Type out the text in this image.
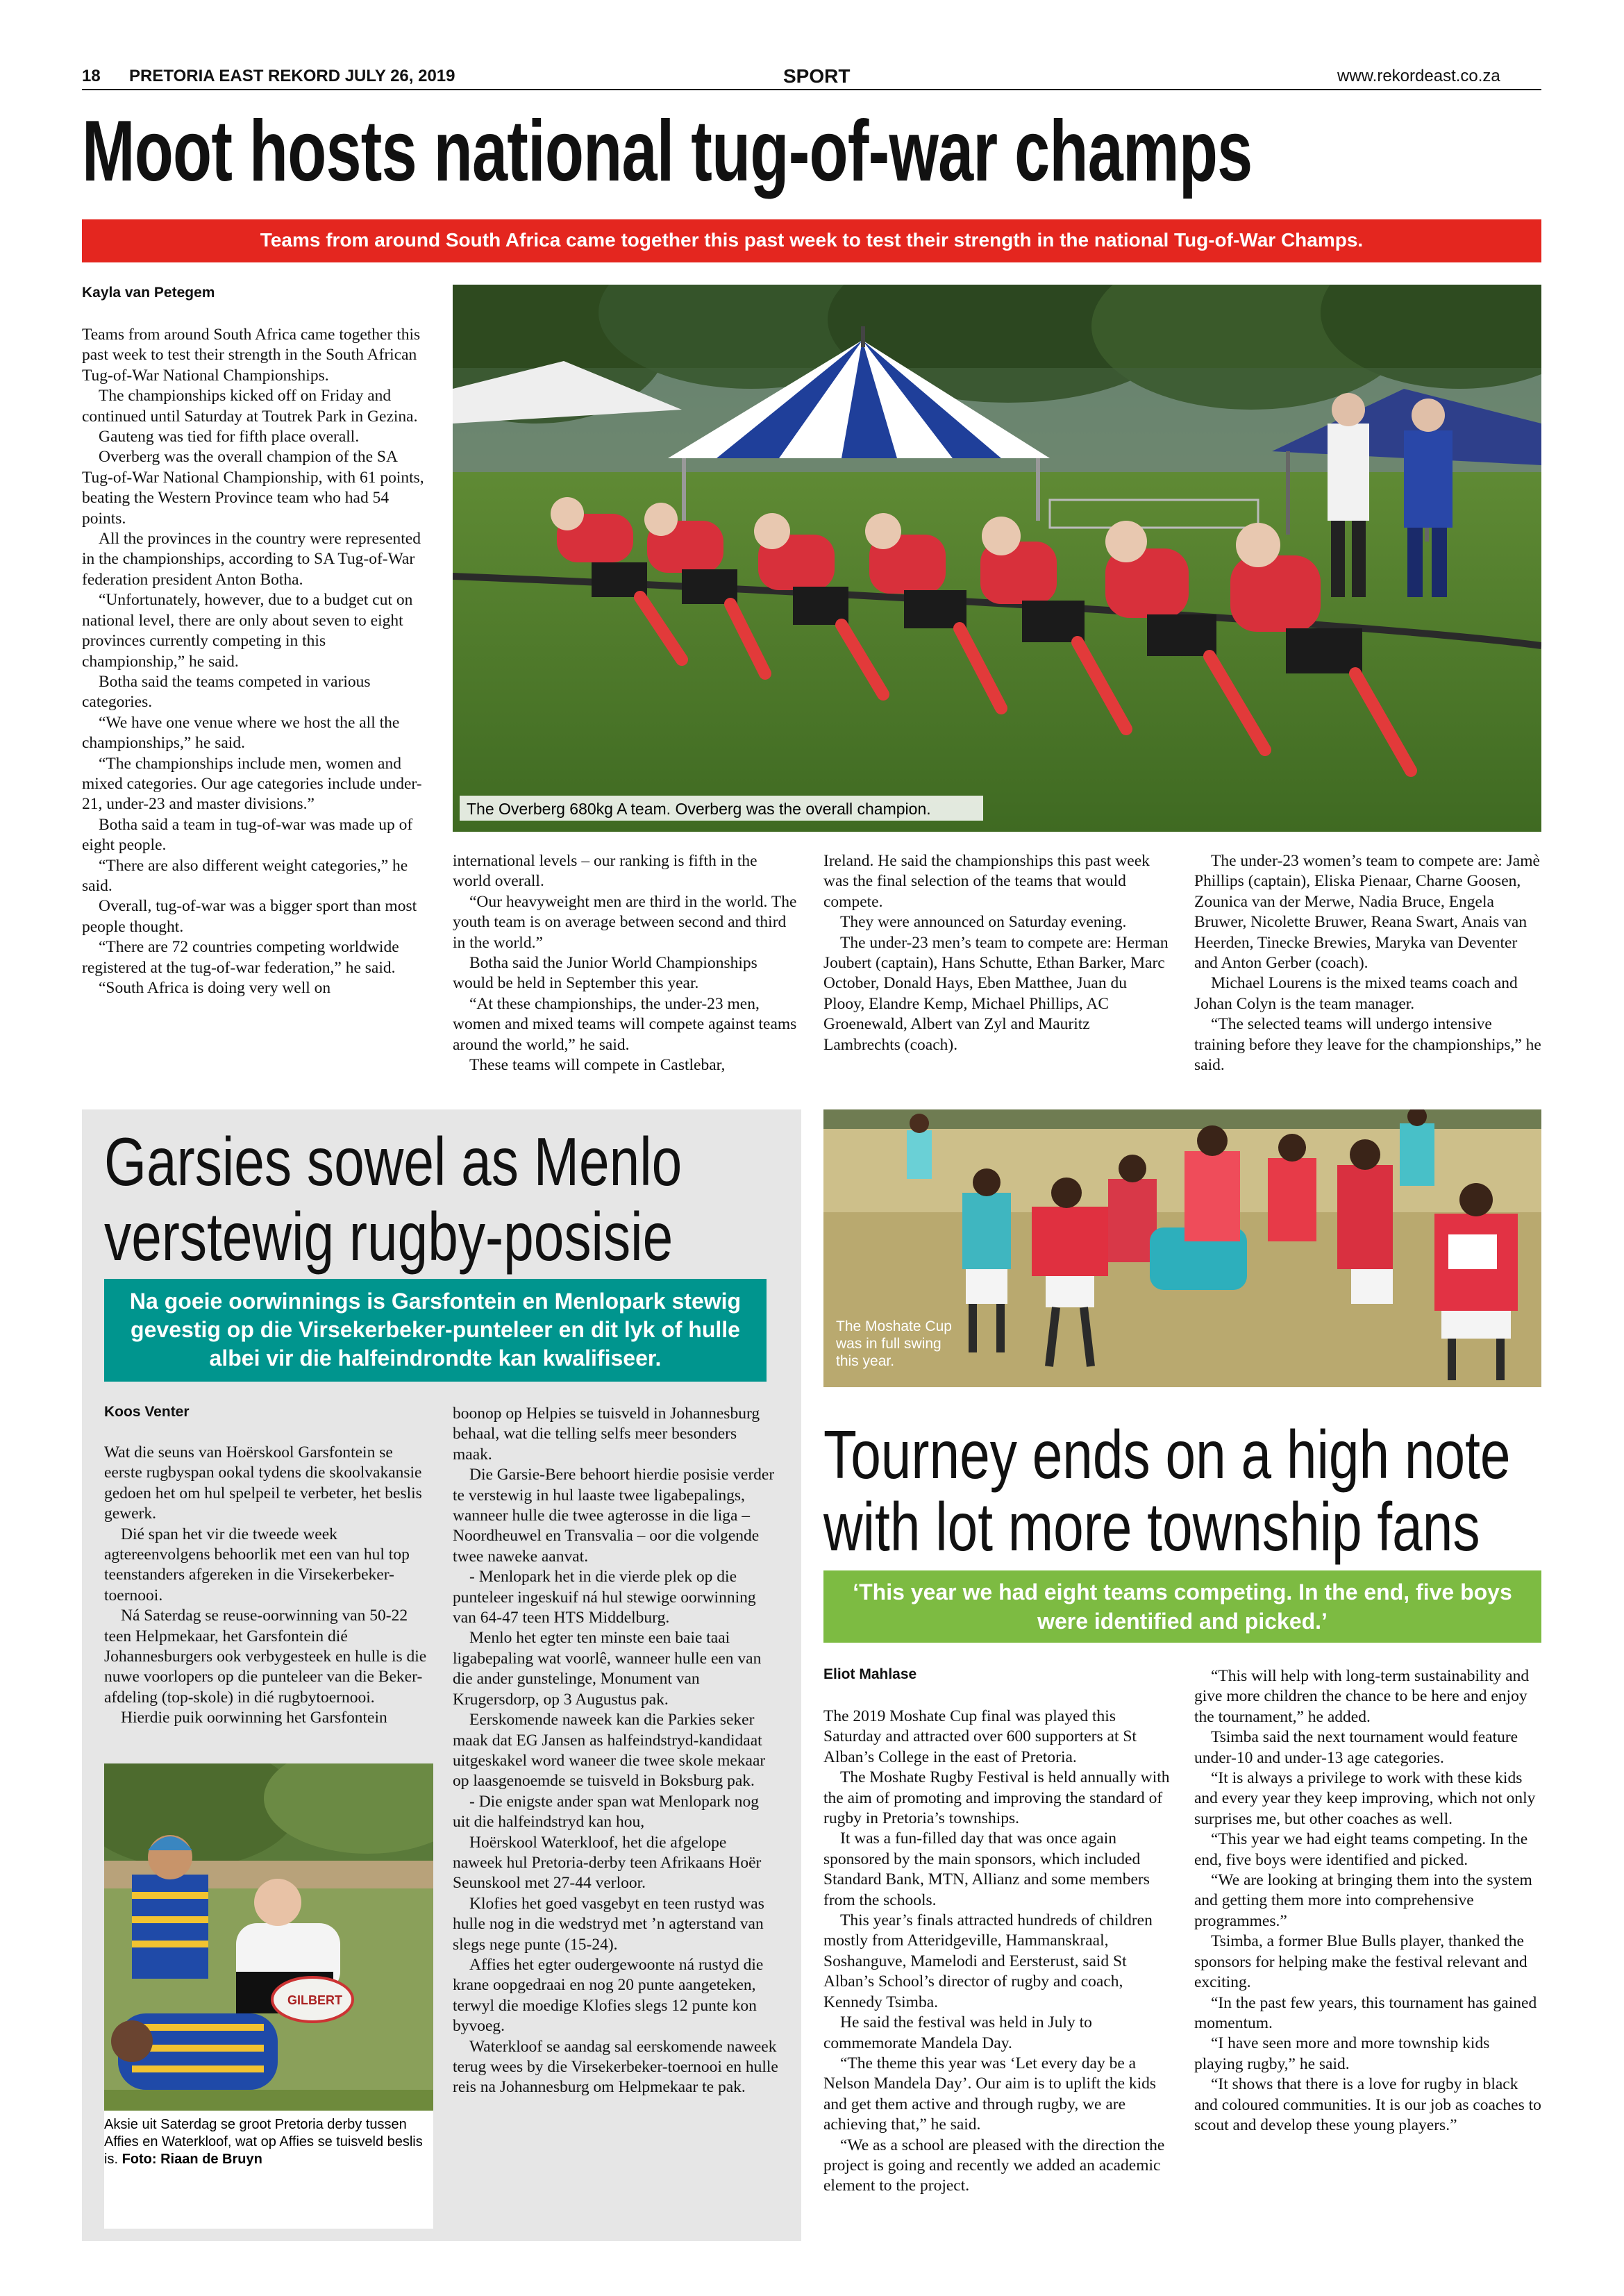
18 PRETORIA EAST REKORD JULY 26, 2019	SPORT	www.rekordeast.co.za
Moot hosts national tug-of-war champs
Teams from around South Africa came together this past week to test their strength in the national Tug-of-War Champs.
Kayla van Petegem

Teams from around South Africa came together this past week to test their strength in the South African Tug-of-War National Championships.

The championships kicked off on Friday and continued until Saturday at Toutrek Park in Gezina.

Gauteng was tied for fifth place overall.

Overberg was the overall champion of the SA Tug-of-War National Championship, with 61 points, beating the Western Province team who had 54 points.

All the provinces in the country were represented in the championships, according to SA Tug-of-War federation president Anton Botha.

“Unfortunately, however, due to a budget cut on national level, there are only about seven to eight provinces currently competing in this championship,” he said.

Botha said the teams competed in various categories.

“We have one venue where we host the all the championships,” he said.

“The championships include men, women and mixed categories. Our age categories include under-21, under-23 and master divisions.”

Botha said a team in tug-of-war was made up of eight people.

“There are also different weight categories,” he said.

Overall, tug-of-war was a bigger sport than most people thought.

“There are 72 countries competing worldwide registered at the tug-of-war federation,” he said.

“South Africa is doing very well on

The Overberg 680kg A team. Overberg was the overall champion.

international levels – our ranking is fifth in the world overall.

“Our heavyweight men are third in the world. The youth team is on average between second and third in the world.”

Botha said the Junior World Championships would be held in September this year.

“At these championships, the under-23 men, women and mixed teams will compete against teams around the world,” he said.

These teams will compete in Castlebar,

Ireland. He said the championships this past week was the final selection of the teams that would compete.

They were announced on Saturday evening.

The under-23 men’s team to compete are: Herman Joubert (captain), Hans Schutte, Ethan Barker, Marc October, Donald Hays, Eben Matthee, Juan du Plooy, Elandre Kemp, Michael Phillips, AC Groenewald, Albert van Zyl and Mauritz Lambrechts (coach).

The under-23 women’s team to compete are: Jamè Phillips (captain), Eliska Pienaar, Charne Goosen, Zounica van der Merwe, Nadia Bruce, Engela Bruwer, Nicolette Bruwer, Reana Swart, Anais van Heerden, Tinecke Brewies, Maryka van Deventer and Anton Gerber (coach).

Michael Lourens is the mixed teams coach and Johan Colyn is the team manager.

“The selected teams will undergo intensive training before they leave for the championships,” he said.

Garsies sowel as Menlo
verstewig rugby-posisie
Na goeie oorwinnings is Garsfontein en Menlopark stewig gevestig op die Virsekerbeker-punteleer en dit lyk of hulle albei vir die halfeindrondte kan kwalifiseer.
Koos Venter

Wat die seuns van Hoërskool Garsfontein se eerste rugbyspan ookal tydens die skoolvakansie gedoen het om hul spelpeil te verbeter, het beslis gewerk.

Dié span het vir die tweede week agtereenvolgens behoorlik met een van hul top teenstanders afgereken in die Virsekerbeker-toernooi.

Ná Saterdag se reuse-oorwinning van 50-22 teen Helpmekaar, het Garsfontein dié Johannesburgers ook verbygesteek en hulle is die nuwe voorlopers op die punteleer van die Beker-afdeling (top-skole) in dié rugbytoernooi.

Hierdie puik oorwinning het Garsfontein

boonop op Helpies se tuisveld in Johannesburg behaal, wat die telling selfs meer besonders maak.

Die Garsie-Bere behoort hierdie posisie verder te verstewig in hul laaste twee ligabepalings, wanneer hulle die twee agterosse in die liga – Noordheuwel en Transvalia – oor die volgende twee naweke aanvat.

- Menlopark het in die vierde plek op die punteleer ingeskuif ná hul stewige oorwinning van 64-47 teen HTS Middelburg.

Menlo het egter ten minste een baie taai ligabepaling wat voorlê, wanneer hulle een van die ander gunstelinge, Monument van Krugersdorp, op 3 Augustus pak.

Eerskomende naweek kan die Parkies seker maak dat EG Jansen as halfeindstryd-kandidaat uitgeskakel word waneer die twee skole mekaar op laasgenoemde se tuisveld in Boksburg pak.

- Die enigste ander span wat Menlopark nog uit die halfeindstryd kan hou,

Hoërskool Waterkloof, het die afgelope naweek hul Pretoria-derby teen Afrikaans Hoër Seunskool met 27-44 verloor.

Klofies het goed vasgebyt en teen rustyd was hulle nog in die wedstryd met ’n agterstand van slegs nege punte (15-24).

Affies het egter oudergewoonte ná rustyd die krane oopgedraai en nog 20 punte aangeteken, terwyl die moedige Klofies slegs 12 punte kon byvoeg.

Waterkloof se aandag sal eerskomende naweek terug wees by die Virsekerbeker-toernooi en hulle reis na Johannesburg om Helpmekaar te pak.

GILBERT
Aksie uit Saterdag se groot Pretoria derby tussen Affies en Waterkloof, wat op Affies se tuisveld beslis is. Foto: Riaan de Bruyn
The Moshate Cup was in full swing this year.
Tourney ends on a high note
with lot more township fans
‘This year we had eight teams competing. In the end, five boys were identified and picked.’
Eliot Mahlase

The 2019 Moshate Cup final was played this Saturday and attracted over 600 supporters at St Alban’s College in the east of Pretoria.

The Moshate Rugby Festival is held annually with the aim of promoting and improving the standard of rugby in Pretoria’s townships.

It was a fun-filled day that was once again sponsored by the main sponsors, which included Standard Bank, MTN, Allianz and some members from the schools.

This year’s finals attracted hundreds of children mostly from Atteridgeville, Hammanskraal, Soshanguve, Mamelodi and Eersterust, said St Alban’s School’s director of rugby and coach, Kennedy Tsimba.

He said the festival was held in July to commemorate Mandela Day.

“The theme this year was ‘Let every day be a Nelson Mandela Day’. Our aim is to uplift the kids and get them active and through rugby, we are achieving that,” he said.

“We as a school are pleased with the direction the project is going and recently we added an academic element to the project.

“This will help with long-term sustainability and give more children the chance to be here and enjoy the tournament,” he added.

Tsimba said the next tournament would feature under-10 and under-13 age categories.

“It is always a privilege to work with these kids and every year they keep improving, which not only surprises me, but other coaches as well.

“This year we had eight teams competing. In the end, five boys were identified and picked.

“We are looking at bringing them into the system and getting them more into comprehensive programmes.”

Tsimba, a former Blue Bulls player, thanked the sponsors for helping make the festival relevant and exciting.

“In the past few years, this tournament has gained momentum.

“I have seen more and more township kids playing rugby,” he said.

“It shows that there is a love for rugby in black and coloured communities. It is our job as coaches to scout and develop these young players.”
